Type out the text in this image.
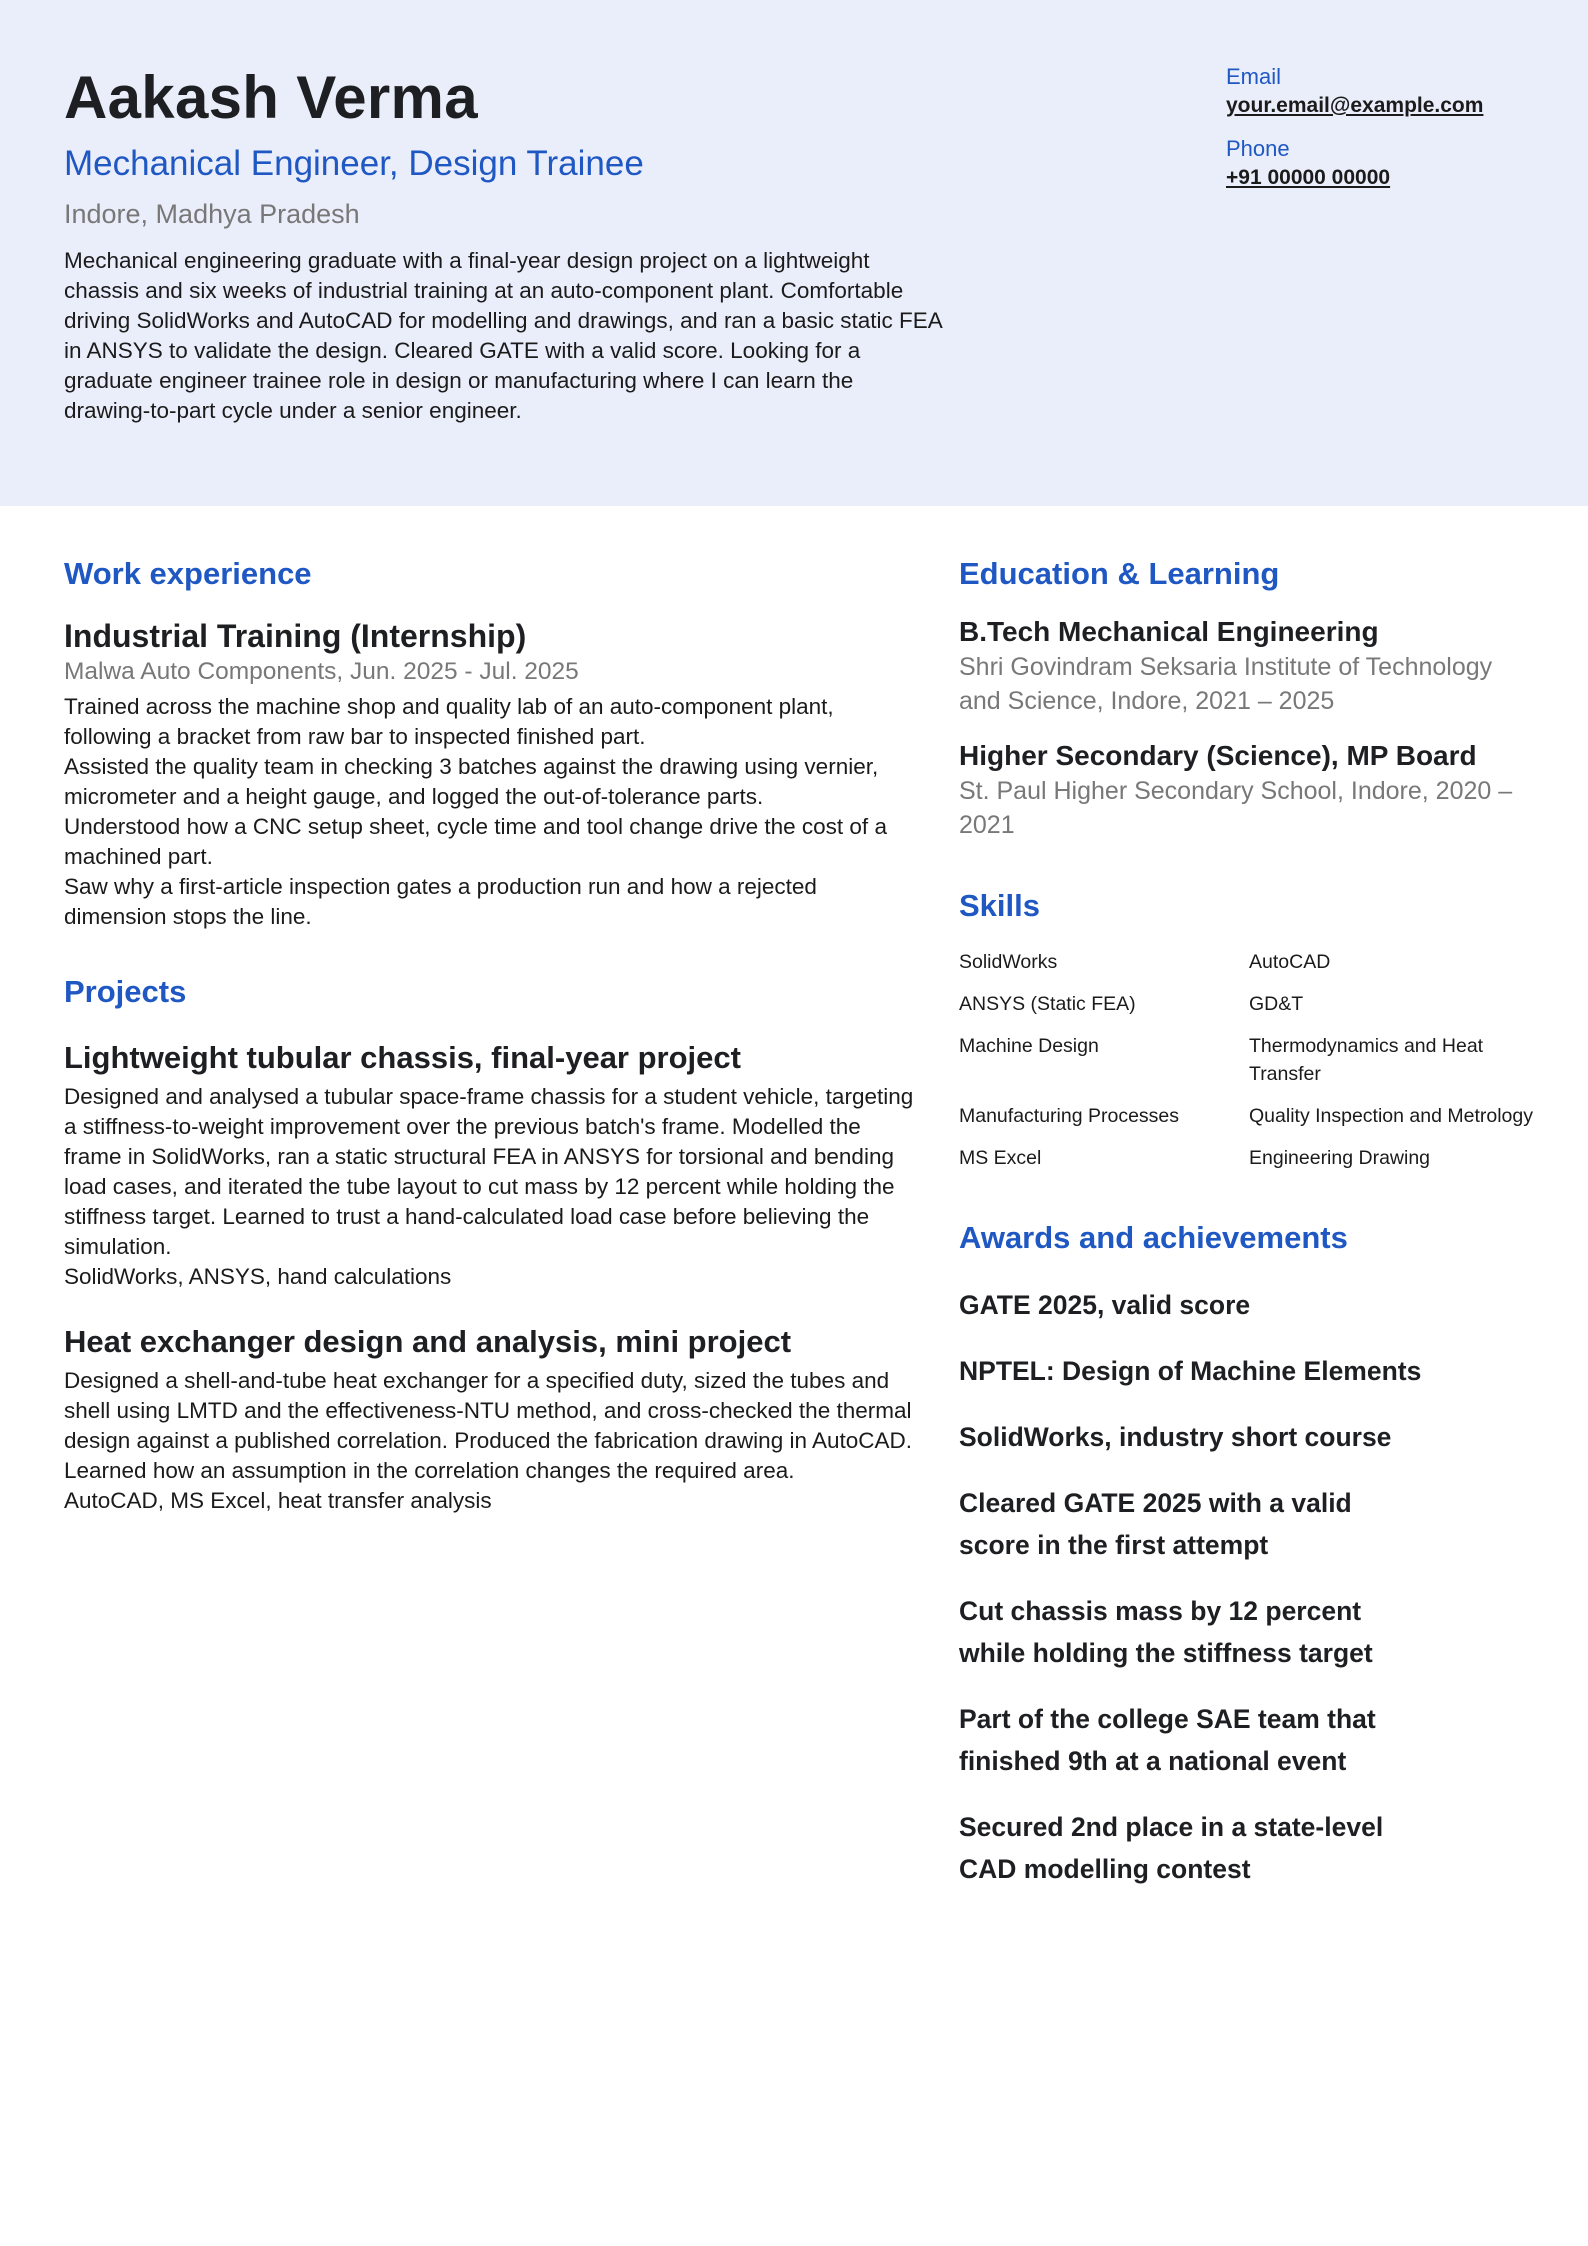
Aakash Verma
Mechanical Engineer, Design Trainee
Indore, Madhya Pradesh

Mechanical engineering graduate with a final-year design project on a lightweight chassis and six weeks of industrial training at an auto-component plant. Comfortable driving SolidWorks and AutoCAD for modelling and drawings, and ran a basic static FEA in ANSYS to validate the design. Cleared GATE with a valid score. Looking for a graduate engineer trainee role in design or manufacturing where I can learn the drawing-to-part cycle under a senior engineer.

Email
your.email@example.com
Phone
+91 00000 00000
Work experience
Industrial Training (Internship)
Malwa Auto Components, Jun. 2025 - Jul. 2025
Trained across the machine shop and quality lab of an auto-component plant, following a bracket from raw bar to inspected finished part.
Assisted the quality team in checking 3 batches against the drawing using vernier, micrometer and a height gauge, and logged the out-of-tolerance parts.
Understood how a CNC setup sheet, cycle time and tool change drive the cost of a machined part.
Saw why a first-article inspection gates a production run and how a rejected dimension stops the line.
Projects
Lightweight tubular chassis, final-year project

Designed and analysed a tubular space-frame chassis for a student vehicle, targeting a stiffness-to-weight improvement over the previous batch's frame. Modelled the frame in SolidWorks, ran a static structural FEA in ANSYS for torsional and bending load cases, and iterated the tube layout to cut mass by 12 percent while holding the stiffness target. Learned to trust a hand-calculated load case before believing the simulation.

SolidWorks, ANSYS, hand calculations
Heat exchanger design and analysis, mini project

Designed a shell-and-tube heat exchanger for a specified duty, sized the tubes and shell using LMTD and the effectiveness-NTU method, and cross-checked the thermal design against a published correlation. Produced the fabrication drawing in AutoCAD. Learned how an assumption in the correlation changes the required area.

AutoCAD, MS Excel, heat transfer analysis
Education & Learning
B.Tech Mechanical Engineering
Shri Govindram Seksaria Institute of Technology and Science, Indore, 2021 – 2025
Higher Secondary (Science), MP Board
St. Paul Higher Secondary School, Indore, 2020 – 2021
Skills
SolidWorks	AutoCAD
ANSYS (Static FEA)	GD&T
Machine Design	Thermodynamics and Heat Transfer
Manufacturing Processes	Quality Inspection and Metrology
MS Excel	Engineering Drawing
Awards and achievements
GATE 2025, valid score
NPTEL: Design of Machine Elements
SolidWorks, industry short course
Cleared GATE 2025 with a valid score in the first attempt
Cut chassis mass by 12 percent while holding the stiffness target
Part of the college SAE team that finished 9th at a national event
Secured 2nd place in a state-level CAD modelling contest
